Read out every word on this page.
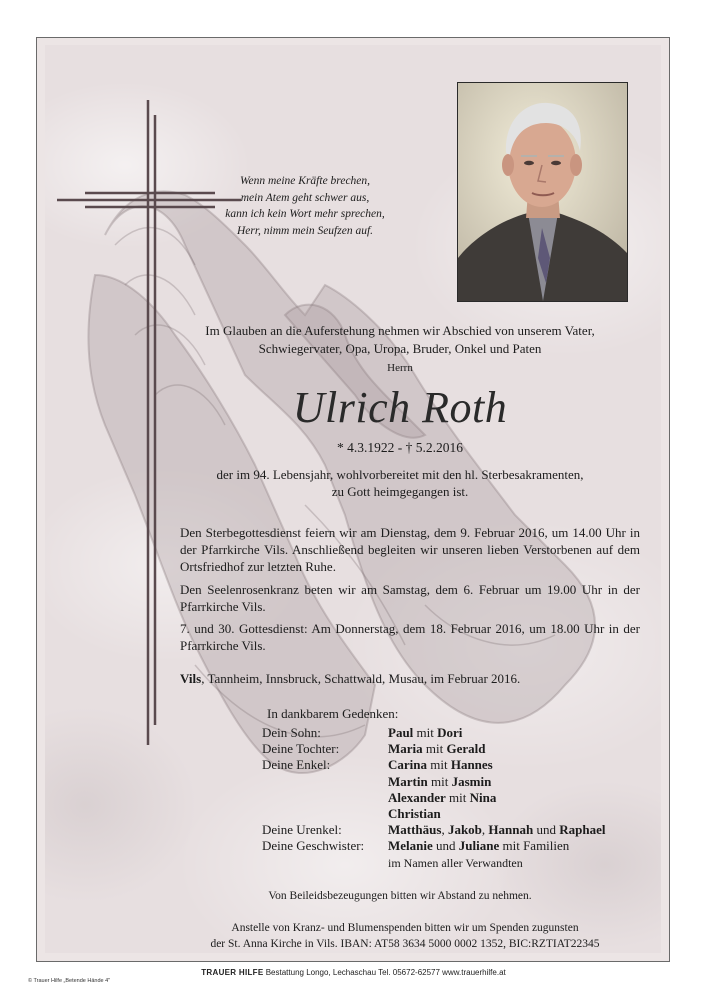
Wenn meine Kräfte brechen,
mein Atem geht schwer aus,
kann ich kein Wort mehr sprechen,
Herr, nimm mein Seufzen auf.
Im Glauben an die Auferstehung nehmen wir Abschied von unserem Vater,
Schwiegervater, Opa, Uropa, Bruder, Onkel und Paten
Herrn
Ulrich Roth
* 4.3.1922 - † 5.2.2016
der im 94. Lebensjahr, wohlvorbereitet mit den hl. Sterbesakramenten,
zu Gott heimgegangen ist.
Den Sterbegottesdienst feiern wir am Dienstag, dem 9. Februar 2016, um 14.00 Uhr in der Pfarrkirche Vils. Anschließend begleiten wir unseren lieben Verstorbenen auf dem Ortsfriedhof zur letzten Ruhe.
Den Seelenrosenkranz beten wir am Samstag, dem 6. Februar um 19.00 Uhr in der Pfarrkirche Vils.
7. und 30. Gottesdienst: Am Donnerstag, dem 18. Februar 2016, um 18.00 Uhr in der Pfarrkirche Vils.
Vils, Tannheim, Innsbruck, Schattwald, Musau, im Februar 2016.
In dankbarem Gedenken:
Dein Sohn:	Paul mit Dori
Deine Tochter:	Maria mit Gerald
Deine Enkel:	Carina mit Hannes
	Martin mit Jasmin
	Alexander mit Nina
	Christian
Deine Urenkel:	Matthäus, Jakob, Hannah und Raphael
Deine Geschwister:	Melanie und Juliane mit Familien
	im Namen aller Verwandten
Von Beileidsbezeugungen bitten wir Abstand zu nehmen.
Anstelle von Kranz- und Blumenspenden bitten wir um Spenden zugunsten
der St. Anna Kirche in Vils. IBAN: AT58 3634 5000 0002 1352, BIC:RZTIAT22345
© Trauer Hilfe „Betende Hände 4"
TRAUER HILFE Bestattung Longo, Lechaschau Tel. 05672-62577 www.trauerhilfe.at
